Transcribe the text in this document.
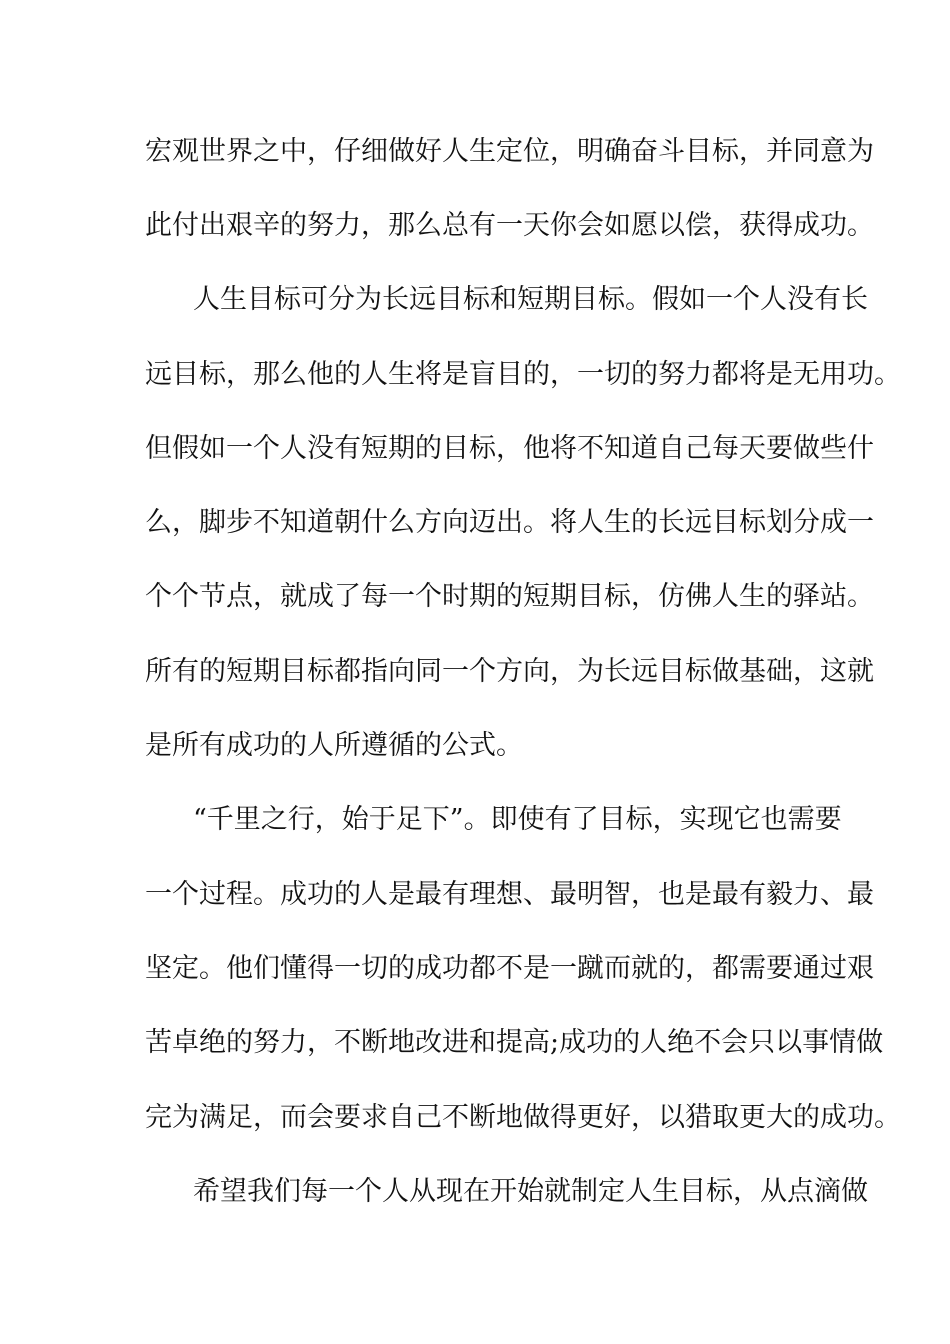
宏观世界之中，仔细做好人生定位，明确奋斗目标，并同意为

此付出艰辛的努力，那么总有一天你会如愿以偿，获得成功。

人生目标可分为长远目标和短期目标。假如一个人没有长

远目标，那么他的人生将是盲目的，一切的努力都将是无用功。

但假如一个人没有短期的目标，他将不知道自己每天要做些什

么，脚步不知道朝什么方向迈出。将人生的长远目标划分成一

个个节点，就成了每一个时期的短期目标，仿佛人生的驿站。

所有的短期目标都指向同一个方向，为长远目标做基础，这就

是所有成功的人所遵循的公式。

“千里之行，始于足下”。即使有了目标，实现它也需要

一个过程。成功的人是最有理想、最明智，也是最有毅力、最

坚定。他们懂得一切的成功都不是一蹴而就的，都需要通过艰

苦卓绝的努力，不断地改进和提高;成功的人绝不会只以事情做

完为满足，而会要求自己不断地做得更好，以猎取更大的成功。

希望我们每一个人从现在开始就制定人生目标，从点滴做
